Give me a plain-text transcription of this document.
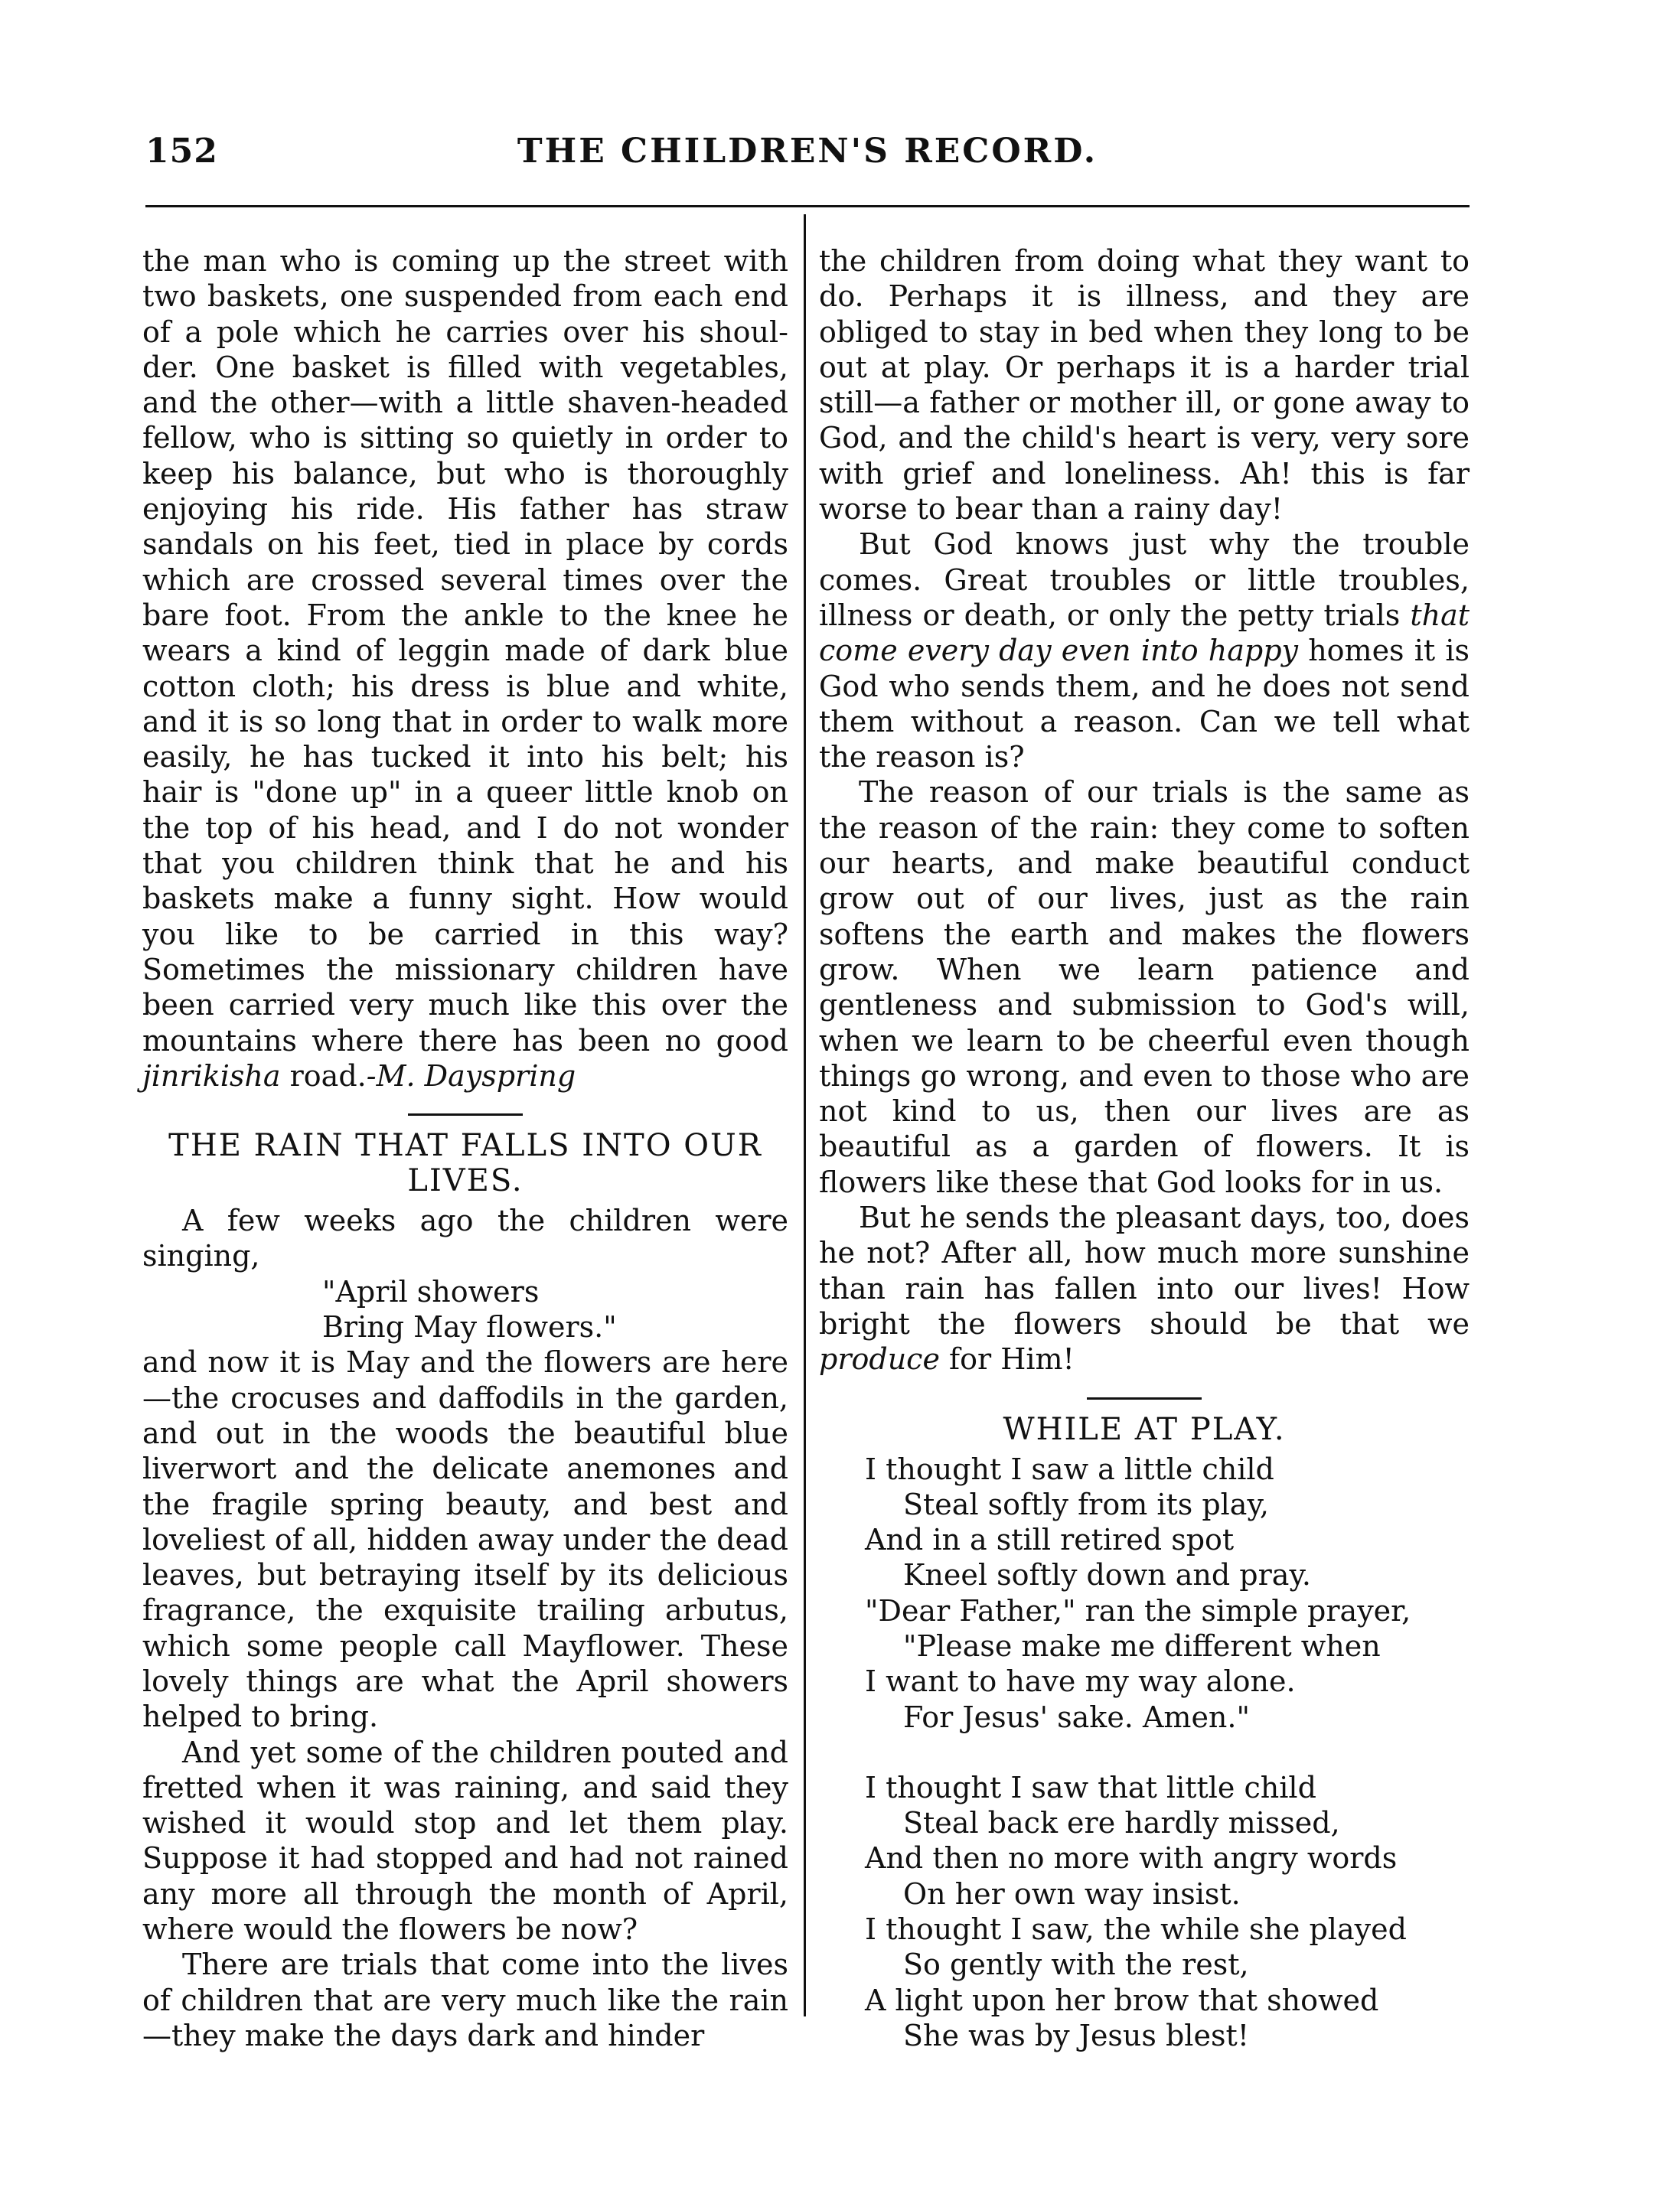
152	THE CHILDREN'S RECORD.

the man who is coming up the street with two baskets, one suspended from each end of a pole which he carries over his shoul-der. One basket is filled with vegetables, and the other—with a little shaven-headed fellow, who is sitting so quietly in order to keep his balance, but who is thoroughly enjoying his ride. His father has straw sandals on his feet, tied in place by cords which are crossed several times over the bare foot. From the ankle to the knee he wears a kind of leggin made of dark blue cotton cloth; his dress is blue and white, and it is so long that in order to walk more easily, he has tucked it into his belt; his hair is "done up" in a queer little knob on the top of his head, and I do not wonder that you children think that he and his baskets make a funny sight. How would you like to be carried in this way? Sometimes the missionary children have been carried very much like this over the mountains where there has been no good jinrikisha road.-M. Dayspring

THE RAIN THAT FALLS INTO OUR LIVES.

A few weeks ago the children were singing,

"April showers
Bring May flowers."

and now it is May and the flowers are here—the crocuses and daffodils in the garden, and out in the woods the beautiful blue liverwort and the delicate anemones and the fragile spring beauty, and best and loveliest of all, hidden away under the dead leaves, but betraying itself by its delicious fragrance, the exquisite trailing arbutus, which some people call Mayflower. These lovely things are what the April showers helped to bring.

And yet some of the children pouted and fretted when it was raining, and said they wished it would stop and let them play. Suppose it had stopped and had not rained any more all through the month of April, where would the flowers be now?

There are trials that come into the lives of children that are very much like the rain—they make the days dark and hinder

the children from doing what they want to do. Perhaps it is illness, and they are obliged to stay in bed when they long to be out at play. Or perhaps it is a harder trial still—a father or mother ill, or gone away to God, and the child's heart is very, very sore with grief and loneliness. Ah! this is far worse to bear than a rainy day!

But God knows just why the trouble comes. Great troubles or little troubles, illness or death, or only the petty trials that come every day even into happy homes it is God who sends them, and he does not send them without a reason. Can we tell what the reason is?

The reason of our trials is the same as the reason of the rain: they come to soften our hearts, and make beautiful conduct grow out of our lives, just as the rain softens the earth and makes the flowers grow. When we learn patience and gentleness and submission to God's will, when we learn to be cheerful even though things go wrong, and even to those who are not kind to us, then our lives are as beautiful as a garden of flowers. It is flowers like these that God looks for in us.

But he sends the pleasant days, too, does he not? After all, how much more sunshine than rain has fallen into our lives! How bright the flowers should be that we produce for Him!

WHILE AT PLAY.
I thought I saw a little child
Steal softly from its play,
And in a still retired spot
Kneel softly down and pray.
"Dear Father," ran the simple prayer,
"Please make me different when
I want to have my way alone.
For Jesus' sake. Amen."
I thought I saw that little child
Steal back ere hardly missed,
And then no more with angry words
On her own way insist.
I thought I saw, the while she played
So gently with the rest,
A light upon her brow that showed
She was by Jesus blest!
